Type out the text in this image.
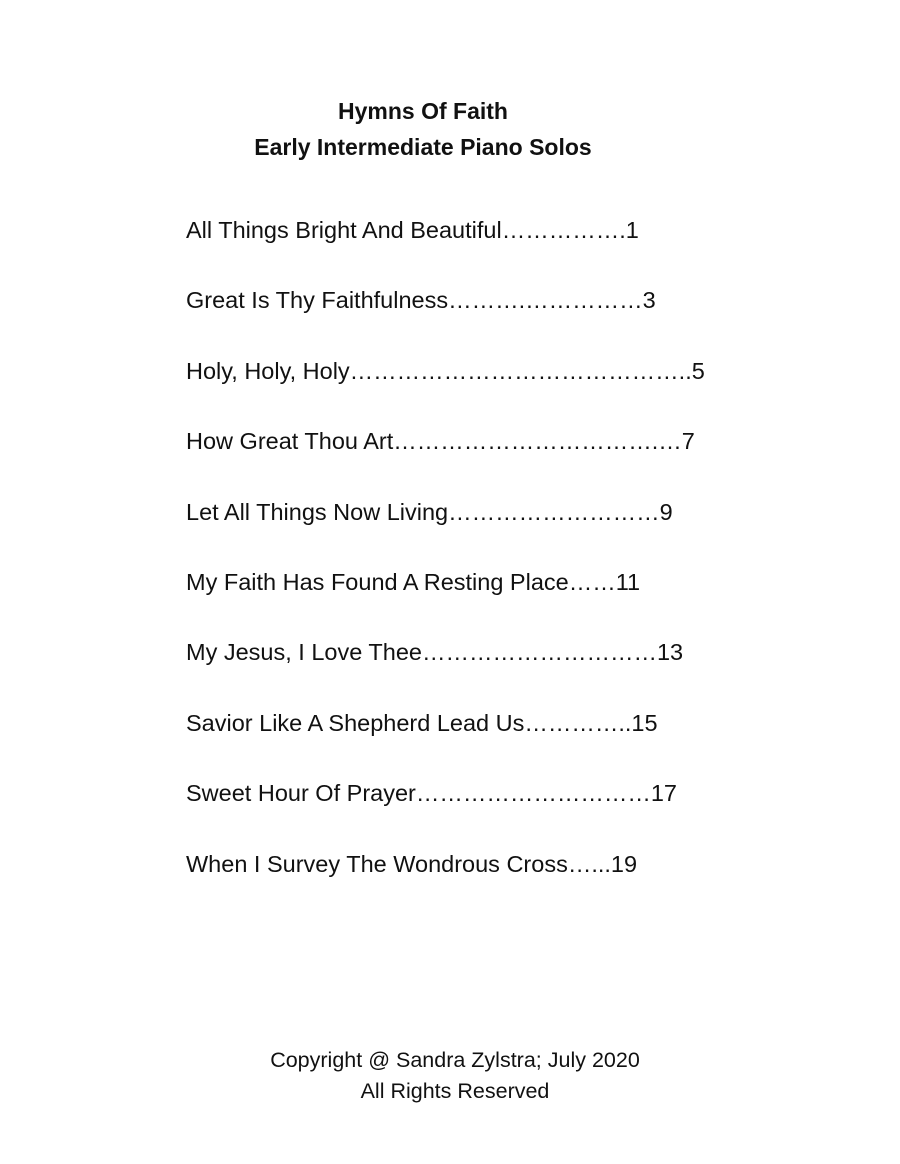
Hymns Of Faith
Early Intermediate Piano Solos
All Things Bright And Beautiful…………….1
Great Is Thy Faithfulness……….……………3
Holy, Holy, Holy……………………………………..5
How Great Thou Art…………………………….…7
Let All Things Now Living………………………9
My Faith Has Found A Resting Place……11
My Jesus, I Love Thee…………………………13
Savior Like A Shepherd Lead Us…………..15
Sweet Hour Of Prayer…………………………17
When I Survey The Wondrous Cross…...19
Copyright @ Sandra Zylstra; July 2020
All Rights Reserved
